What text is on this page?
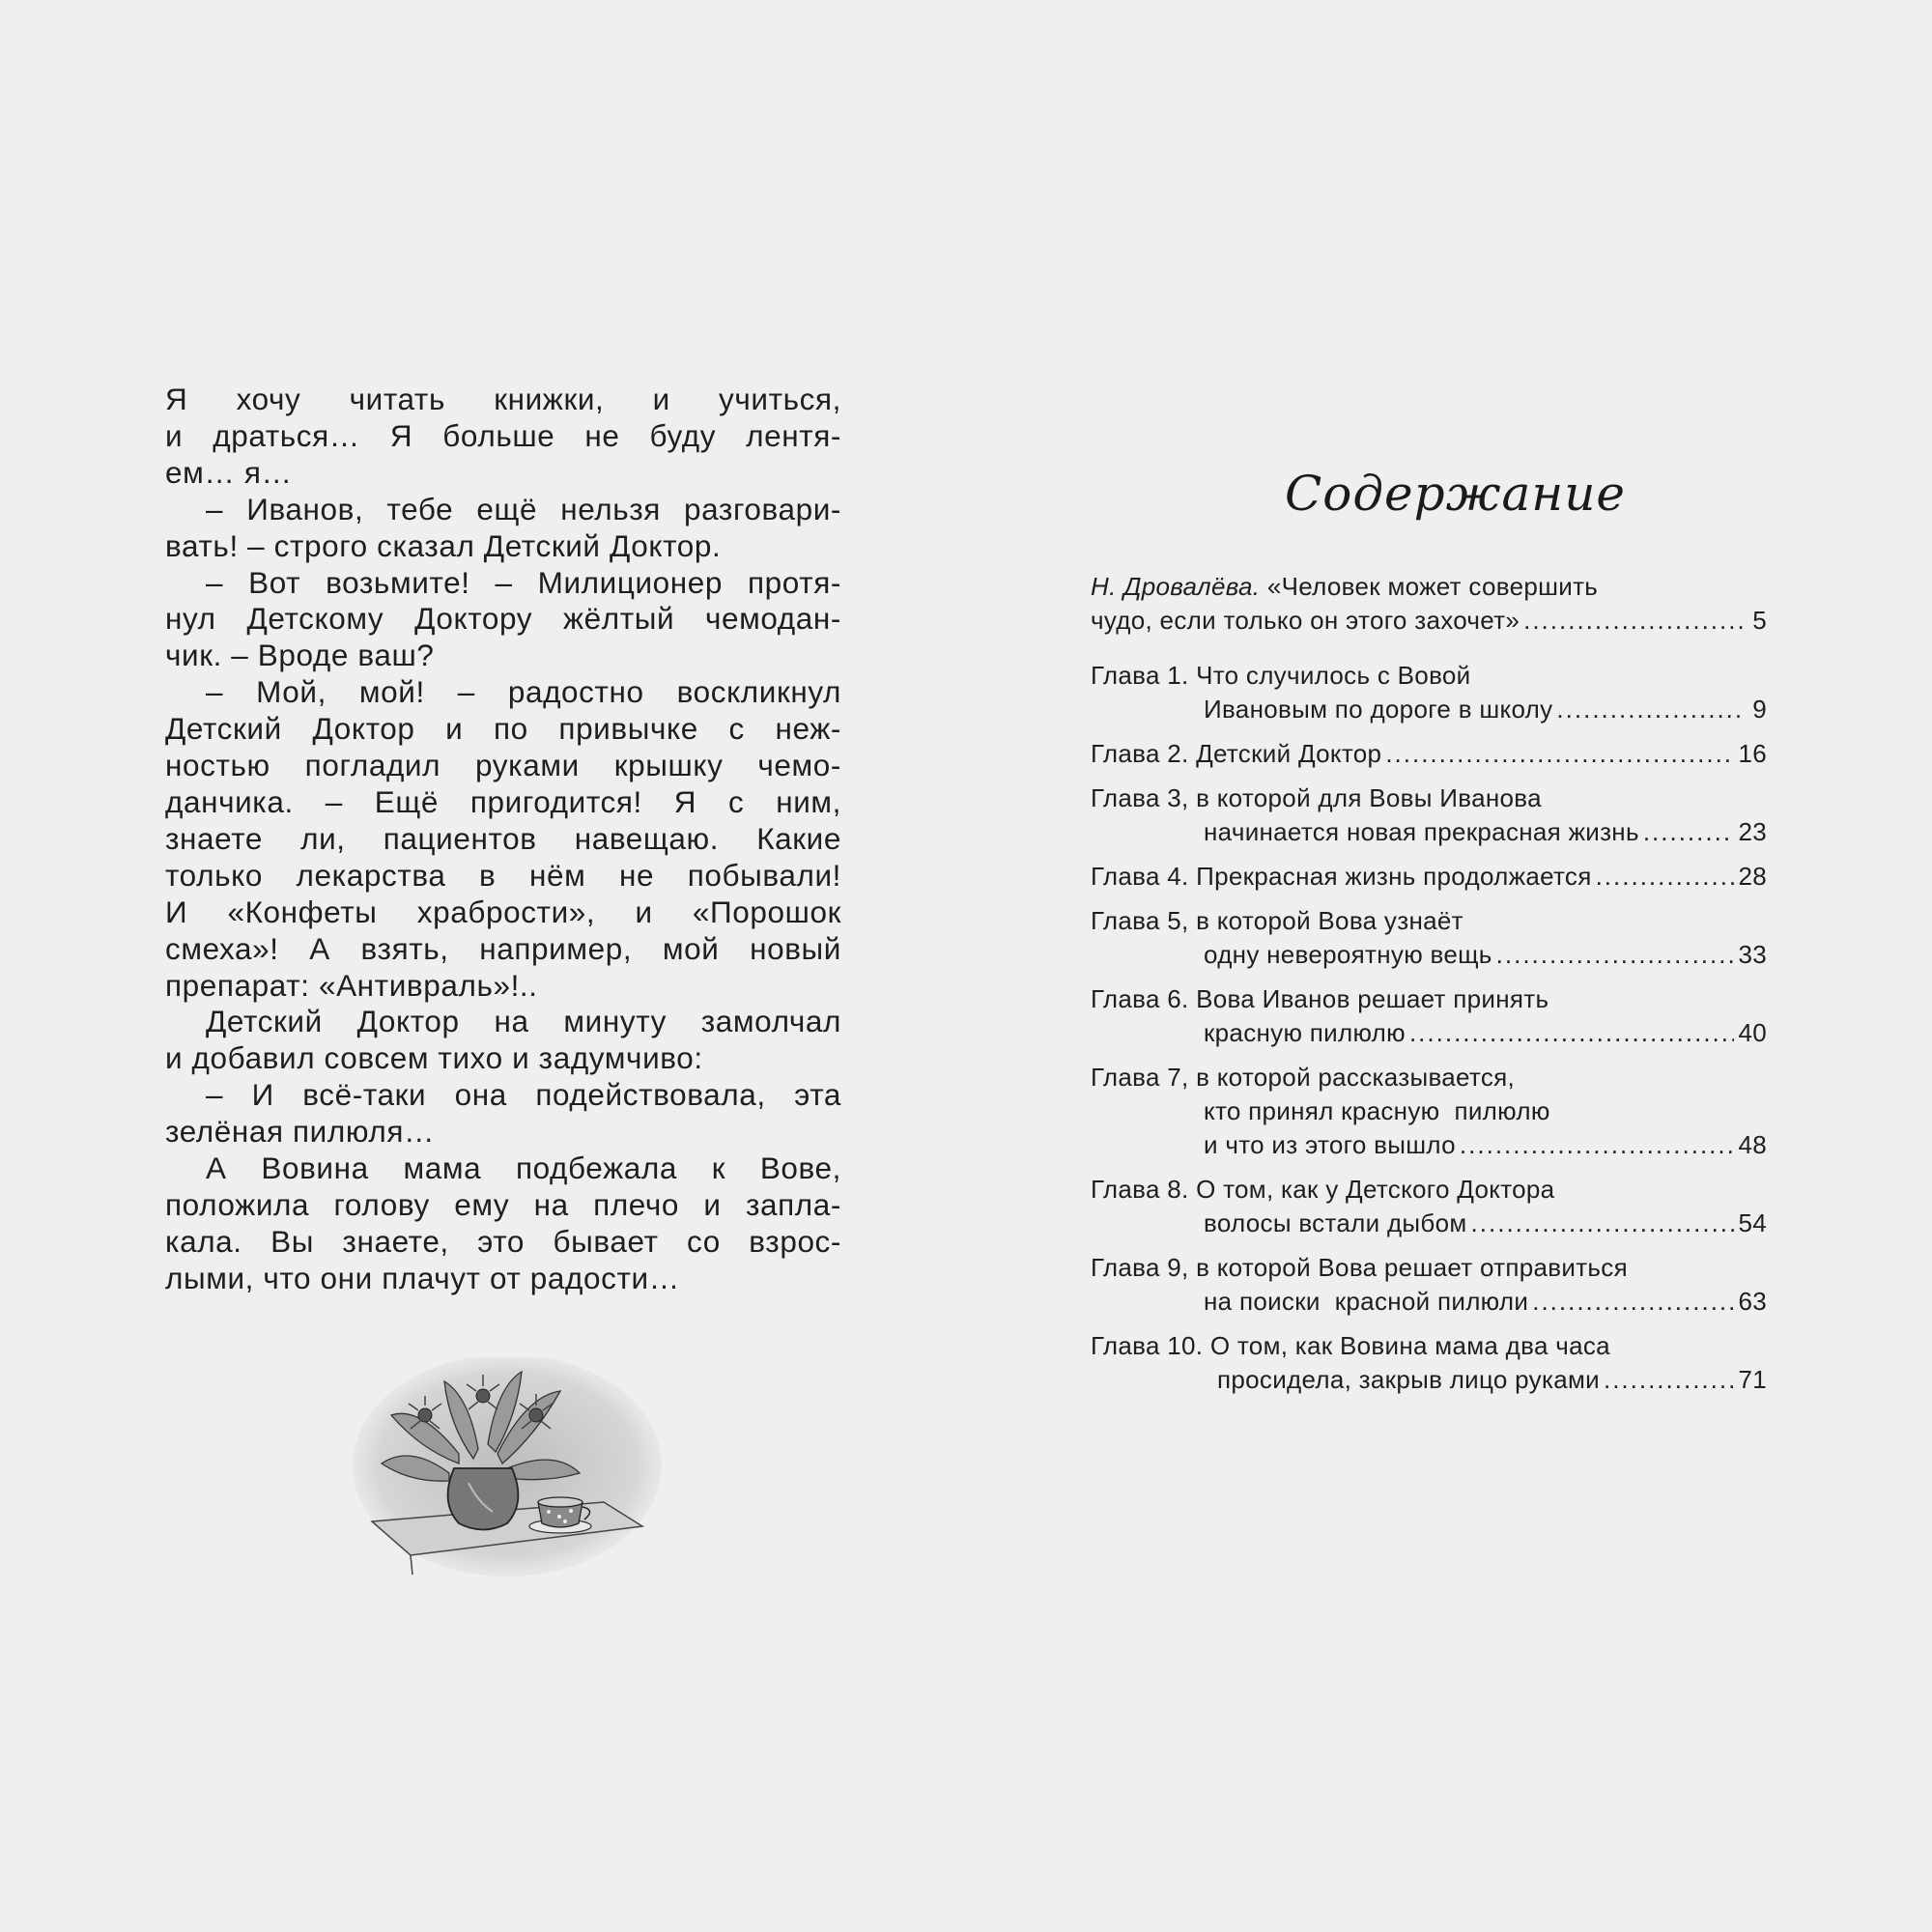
Я хочу читать книжки, и учиться,
и драться… Я больше не буду лентя-
ем… я…

– Иванов, тебе ещё нельзя разговари-
вать! – строго сказал Детский Доктор.

– Вот возьмите! – Милиционер протя-
нул Детскому Доктору жёлтый чемодан-
чик. – Вроде ваш?

– Мой, мой! – радостно воскликнул
Детский Доктор и по привычке с неж-
ностью погладил руками крышку чемо-
данчика. – Ещё пригодится! Я с ним,
знаете ли, пациентов навещаю. Какие
только лекарства в нём не побывали!
И «Конфеты храбрости», и «Порошок
смеха»! А взять, например, мой новый
препарат: «Антивраль»!..

Детский Доктор на минуту замолчал
и добавил совсем тихо и задумчиво:

– И всё-таки она подействовала, эта
зелёная пилюля…

А Вовина мама подбежала к Вове,
положила голову ему на плечо и запла-
кала. Вы знаете, это бывает со взрос-
лыми, что они плачут от радости…

Содержание
Н. Дровалёва. «Человек может совершить
чудо, если только он этого захочет» .....	5
Глава 1. Что случилось с Вовой
Ивановым по дороге в школу .....	9
Глава 2.
Детский Доктор .....	16
Глава 3, в которой для Вовы Иванова
начинается новая прекрасная жизнь .....	23
Глава 4.
Прекрасная жизнь продолжается .....	28
Глава 5, в которой Вова узнаёт
одну невероятную вещь .....	33
Глава 6. Вова Иванов решает принять
красную пилюлю .....	40
Глава 7, в которой рассказывается,
кто принял красную  пилюлю
и что из этого вышло .....	48
Глава 8. О том, как у Детского Доктора
волосы встали дыбом .....	54
Глава 9, в которой Вова решает отправиться
на поиски  красной пилюли .....	63
Глава 10. О том, как Вовина мама два часа
просидела, закрыв лицо руками .....	71
